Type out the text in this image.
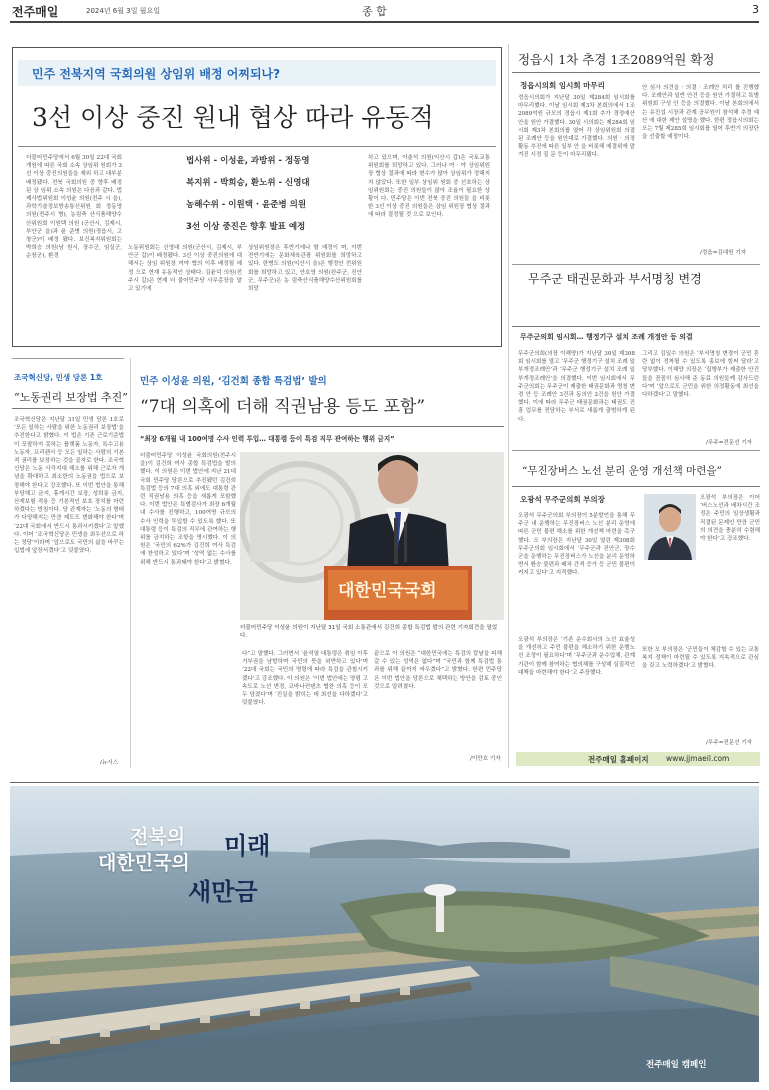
전주매일	2024년 6월 3일 월요일	종 합	3
민주 전북지역 국회의원 상임위 배정 어찌되나?
3선 이상 중진 원내 협상 따라 유동적
더불어민주당에서 6월 30일 22대 국회 개원에 따른 국회 소속 상임위 원회가 3선 이상 중진의원들을 제외 하고 대부분 배정됐다. 전북 국회의원 중 향후 배정된 상 임위 소속 의원은 다음과 같다. 법제사법위원회 이성윤 의원(전주 시 을), 과학기술정보방송통신위원 회 정동영 의원(전주시 병), 농림축 산식품해양수산위원회 이원택 의원 (군산시, 김제시, 부안군 을)과 윤 준병 의원(정읍시, 고창군)이 배정 됐다. 보건복지위원회는 박희승 의원(남 원시, 장수군, 임실군, 순창군), 환경
법사위 - 이성윤, 과방위 - 정동영
복지위 - 박희승, 환노위 - 신영대
농해수위 - 이원택 · 윤준병 의원
3선 이상 중진은 향후 발표 예정
노동위원회는 신영대 의원(군산시, 김제시, 부안군 갑)이 배정됐다. 3선 이상 중진의원에 대해서는 상임 위원장 여야 협의 이후 배정될 예정 으로 현재 유동적인 상태다. 김윤덕 의원(전주시 갑)은 현재 더 불어민주당 사무총장을 맡고 있기에
상임위원장은 후반기에나 할 예정이 며, 이번 전반기에는 문화체육관광 위원회를 희망하고 있다. 한병도 의원(익산시 을)은 행정안 전위원회를 희망하고 있고, 안호영 의원(완주군, 진안군, 무주군)은 농 림축산식품해양수산위원회를 희망
하고 있으며, 이춘석 의원(익산시 갑)은 국토교통위원회를 희망하고 있다. 그러나 여 · 야 상임위원장 협상 결과에 따라 변수가 많아 상임위가 정해지지 않았다. 또한 일부 상임위 원회 중 선호하는 상임위원회는 중진 의원들이 많아 조율이 필요한 상황이 다. 민주당은 이번 전북 중진 의원들 을 비롯한 3선 이상 중진 의원들은 상임 위원장 협상 결과에 따라 결정될 것 으로 보인다.
정읍시 1차 추경 1조2089억원 확정
정읍시의회 임시회 마무리
정읍시의회가 지난달 30일 제284회 임시회를 마무리했다. 이날 임시회 제3차 본회의에서 1조 2089억원 규모의 정읍시 제1회 추가 경정예산안을 원안 가결했다. 30일 시의회는 제284회 임시회 제3차 본회의를 열어 각 상임위원회 의결 된 조례안 등을 원안대로 가결했다. 의원 · 의정활동 추진에 따른 일부 안 을 비롯해 예결위에 맡겨진 시정 질 문 등이 마무리됐다.
안 심사 의견을 · 의결 · 조례안 처리 를 진행했다. 조례안과 일반 안건 등을 원안 가결하고 특별위원회 구성 안 등을 의결했다. 이날 본회의에서는 유진섭 시장과 관계 공무원이 참석해 추경 예산 에 대한 제안 설명을 했다. 한편 정읍시의회는 오는 7월 제285회 임시회를 열어 후반기 의장단을 선출할 예정이다.
/정읍=김대원 기자
무주군 태권문화과 부서명칭 변경
무주군의회 임시회… 행정기구 설치 조례 개정안 등 의결
무주군의회(의장 이해양)가 지난달 30일 제308회 임시회를 열고 ‘무주군 행정기구 설치 조례 일부개정조례안’과 ‘무주군 행정기구 설치 조례 일부개정조례안’을 의결했다. 이번 임시회에서 무주군의회는 무주군이 제출한 태권문화과 명칭 변경 안 등 조례안 3건과 동의안 2건을 원안 가결했다. 이에 따라 무주군 태권문화과는 태권도 진흥 업무를 전담하는 부서로 새롭게 출범하게 된다.
그리고 김일수 의원은 ‘부서명칭 변경이 군민 혼란 없이 정착될 수 있도록 홍보에 힘써 달라’고 당부했다. 이해양 의장은 ‘집행부가 제출한 안건들을 꼼꼼히 심사해 준 동료 의원들께 감사드린다’며 ‘앞으로도 군민을 위한 의정활동에 최선을 다하겠다’고 말했다.
/무주=전문선 기자
“무진장버스 노선 분리 운영 개선책 마련을”
오광석 무주군의회 부의장
오광석 무주군의회 부의장이 5분발언을 통해 무주군 내 운행하는 무진장버스 노선 분리 운영에 따른 군민 불편 해소를 위한 개선책 마련을 촉구했다. 오 부의장은 지난달 30일 열린 제308회 무주군의회 임시회에서 ‘무주군과 진안군, 장수군을 운행하는 무진장버스가 노선을 분리 운영하면서 환승 불편과 배차 간격 증가 등 군민 불편이 커지고 있다’고 지적했다.
오광석 부의장은 이어 ‘버스노선과 배차시간 조정은 주민의 일상생활과 직결된 문제인 만큼 군민의 의견을 충분히 수렴해야 한다’고 강조했다.
오광석 부의장은 ‘기존 운수회사의 노선 효율성을 개선하고 주민 불편을 해소하기 위한 운행노선 조정이 필요하다’며 ‘무주군과 운수업체, 관계기관이 함께 참여하는 협의체를 구성해 실질적인 대책을 마련해야 한다’고 주장했다.
또한 오 부의장은 ‘군민들이 체감할 수 있는 교통 복지 정책이 마련될 수 있도록 지속적으로 관심을 갖고 노력하겠다’고 밝혔다.
/무주=전문선 기자
전주매일 홈페이지 www.jjmaeil.com
조국혁신당, 민생 당론 1호
“노동권리 보장법 추진”
조국혁신당은 지난달 31일 민생 당론 1호로 ‘모든 일하는 사람을 위한 노동권리 보장법’을 추진한다고 밝혔다. 이 법은 기존 근로기준법이 포괄하지 못하는 플랫폼 노동자, 특수고용 노동자, 프리랜서 등 모든 일하는 사람의 기본적 권리를 보장하는 것을 골자로 한다. 조국혁신당은 노동 사각지대 해소를 위해 근로자 개념을 확대하고 최소한의 노동권을 법으로 보장해야 한다고 강조했다. 또 이번 법안을 통해 부당해고 금지, 휴게시간 보장, 성희롱 금지, 산재보험 적용 등 기본적인 보호 장치를 마련하겠다는 방침이다. 당 관계자는 ‘노동의 형태가 다양해지는 만큼 제도도 변화해야 한다’며 ‘22대 국회에서 반드시 통과시키겠다’고 말했다. 이어 ‘조국혁신당은 민생을 최우선으로 하는 정당’이라며 ‘앞으로도 국민의 삶을 바꾸는 입법에 앞장서겠다’고 덧붙였다.
/뉴시스
민주 이성윤 의원, ‘김건희 종합 특검법’ 발의
“7대 의혹에 더해 직권남용 등도 포함”
“최장 6개월 내 100여명 수사 인력 투입… 대통령 등이 특검 직무 관여하는 행위 금지”
더불어민주당 이성윤 국회의원(전주시 을)이 김건희 여사 종합 특검법을 발의했다. 이 의원은 이번 법안에 지난 21대 국회 민주당 당론으로 추진됐던 김건희 특검법 등의 7대 의혹 외에도 대통령 관련 직권남용 의혹 등을 새롭게 포함했다. 이번 법안은 특별검사가 최장 6개월 내 수사를 진행하고, 100여명 규모의 수사 인력을 투입할 수 있도록 했다. 또 대통령 등이 특검의 직무에 관여하는 행위를 금지하는 조항을 명시했다. 이 의원은 ‘국민의 62%가 김건희 여사 특검에 찬성하고 있다’며 ‘성역 없는 수사를 위해 반드시 통과돼야 한다’고 밝혔다.
대한민국국회
더불어민주당 이성윤 의원이 지난달 31일 국회 소통관에서 김건희 종합 특검법 발의 관련 기자회견을 열었다.
다”고 말했다. 그러면서 ‘윤석열 대통령은 취임 이후 거부권을 남발하며 국민의 뜻을 외면하고 있다’며 ‘22대 국회는 국민의 명령에 따라 특검을 관철시키겠다’고 강조했다. 이 의원은 ‘이번 법안에는 양평 고속도로 노선 변경, 코바나컨텐츠 협찬 의혹 등이 모두 담겼다’며 ‘진실을 밝히는 데 최선을 다하겠다’고 덧붙였다.
끝으로 이 의원은 “대한민국에는 특검의 칼날을 피해 갈 수 있는 성역은 없다”며 “국민과 함께 특검법 통과를 위해 끝까지 싸우겠다”고 밝혔다. 한편 민주당은 이번 법안을 당론으로 채택하는 방안을 검토 중인 것으로 알려졌다.
/이만호 기자
전북의 미래
대한민국의
새만금
전주매일 캠페인
